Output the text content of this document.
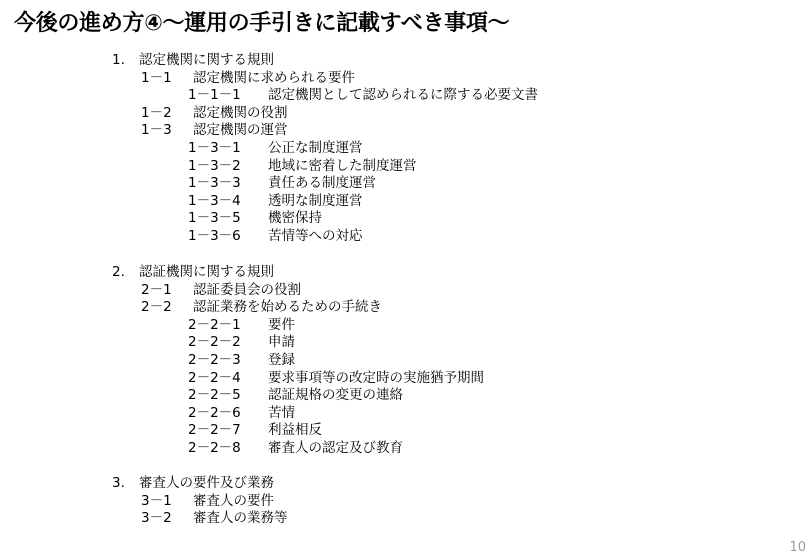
今後の進め方④～運用の手引きに記載すべき事項～
1. 認定機関に関する規則
1－1 認定機関に求められる要件
1－1－1 認定機関として認められるに際する必要文書
1－2 認定機関の役割
1－3 認定機関の運営
1－3－1 公正な制度運営
1－3－2 地域に密着した制度運営
1－3－3 責任ある制度運営
1－3－4 透明な制度運営
1－3－5 機密保持
1－3－6 苦情等への対応
2. 認証機関に関する規則
2－1 認証委員会の役割
2－2 認証業務を始めるための手続き
2－2－1 要件
2－2－2 申請
2－2－3 登録
2－2－4 要求事項等の改定時の実施猶予期間
2－2－5 認証規格の変更の連絡
2－2－6 苦情
2－2－7 利益相反
2－2－8 審査人の認定及び教育
3. 審査人の要件及び業務
3－1 審査人の要件
3－2 審査人の業務等
10
